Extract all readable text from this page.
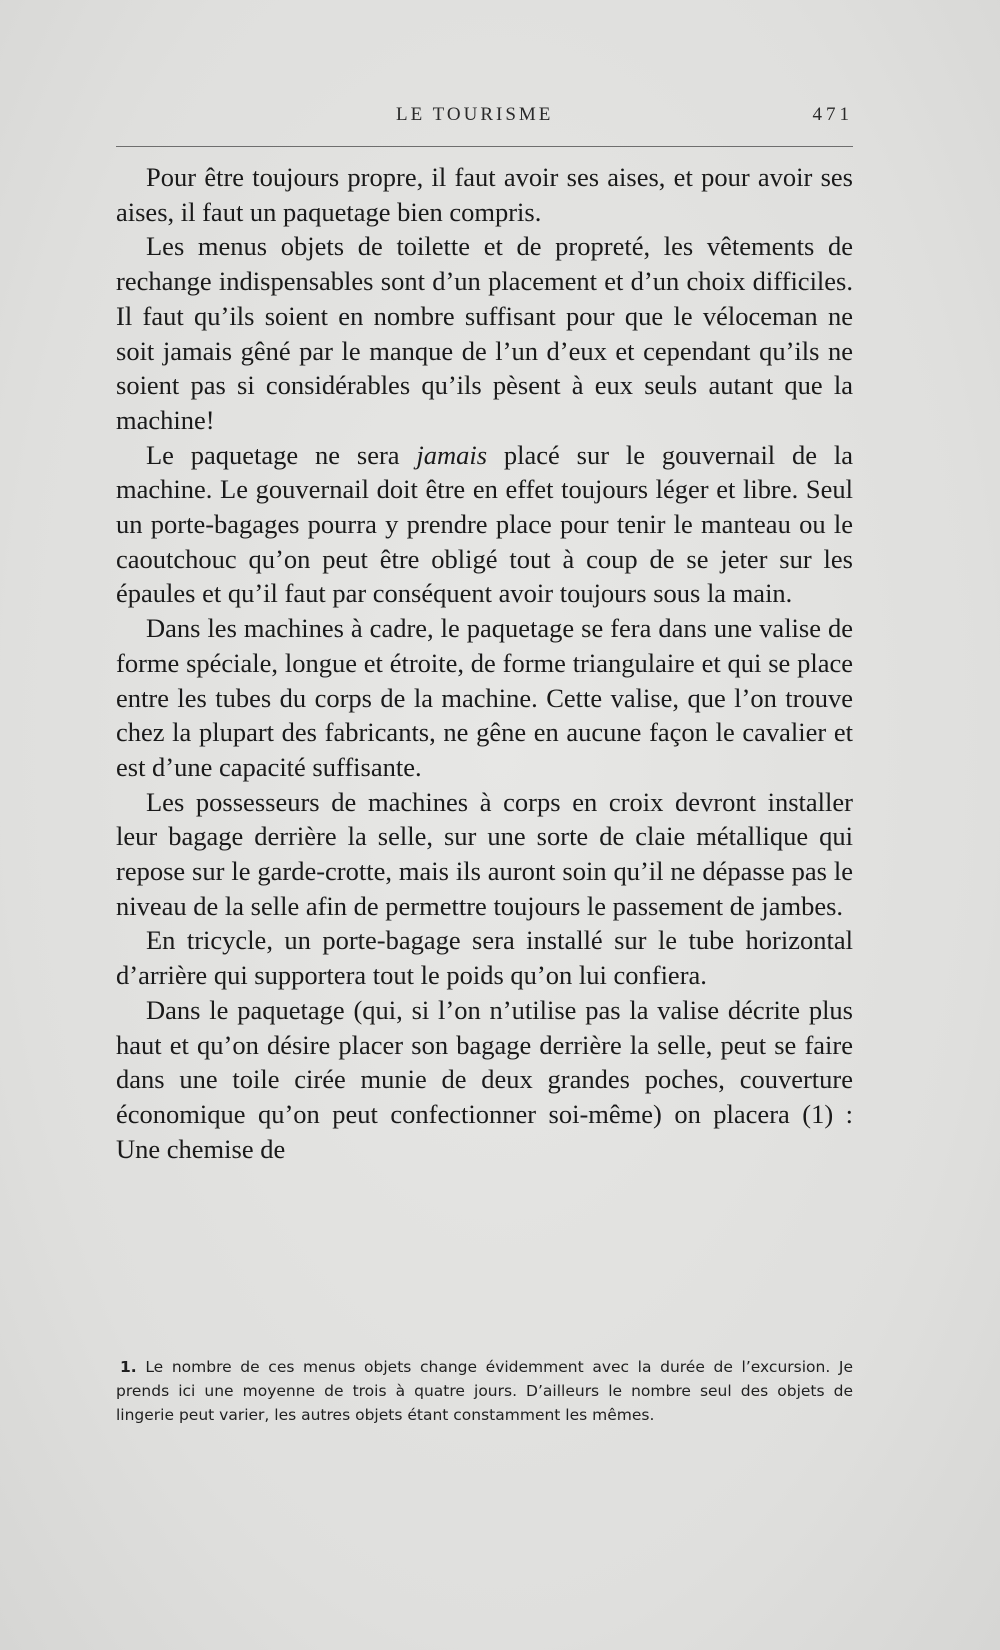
LE TOURISME	471

Pour être toujours propre, il faut avoir ses aises, et pour avoir ses aises, il faut un paquetage bien compris.

Les menus objets de toilette et de propreté, les vêtements de rechange indispensables sont d’un placement et d’un choix difficiles. Il faut qu’ils soient en nombre suffisant pour que le véloceman ne soit jamais gêné par le manque de l’un d’eux et cependant qu’ils ne soient pas si considérables qu’ils pèsent à eux seuls autant que la machine!

Le paquetage ne sera jamais placé sur le gouvernail de la machine. Le gouvernail doit être en effet toujours léger et libre. Seul un porte-bagages pourra y prendre place pour tenir le manteau ou le caoutchouc qu’on peut être obligé tout à coup de se jeter sur les épaules et qu’il faut par conséquent avoir toujours sous la main.

Dans les machines à cadre, le paquetage se fera dans une valise de forme spéciale, longue et étroite, de forme triangulaire et qui se place entre les tubes du corps de la machine. Cette valise, que l’on trouve chez la plupart des fabricants, ne gêne en aucune façon le cavalier et est d’une capacité suffisante.

Les possesseurs de machines à corps en croix devront installer leur bagage derrière la selle, sur une sorte de claie métallique qui repose sur le garde-crotte, mais ils auront soin qu’il ne dépasse pas le niveau de la selle afin de permettre toujours le passement de jambes.

En tricycle, un porte-bagage sera installé sur le tube horizontal d’arrière qui supportera tout le poids qu’on lui confiera.

Dans le paquetage (qui, si l’on n’utilise pas la valise décrite plus haut et qu’on désire placer son bagage derrière la selle, peut se faire dans une toile cirée munie de deux grandes poches, couverture économique qu’on peut confectionner soi-même) on placera (1) : Une chemise de

1. Le nombre de ces menus objets change évidemment avec la durée de l’excursion. Je prends ici une moyenne de trois à quatre jours. D’ailleurs le nombre seul des objets de lingerie peut varier, les autres objets étant constamment les mêmes.
